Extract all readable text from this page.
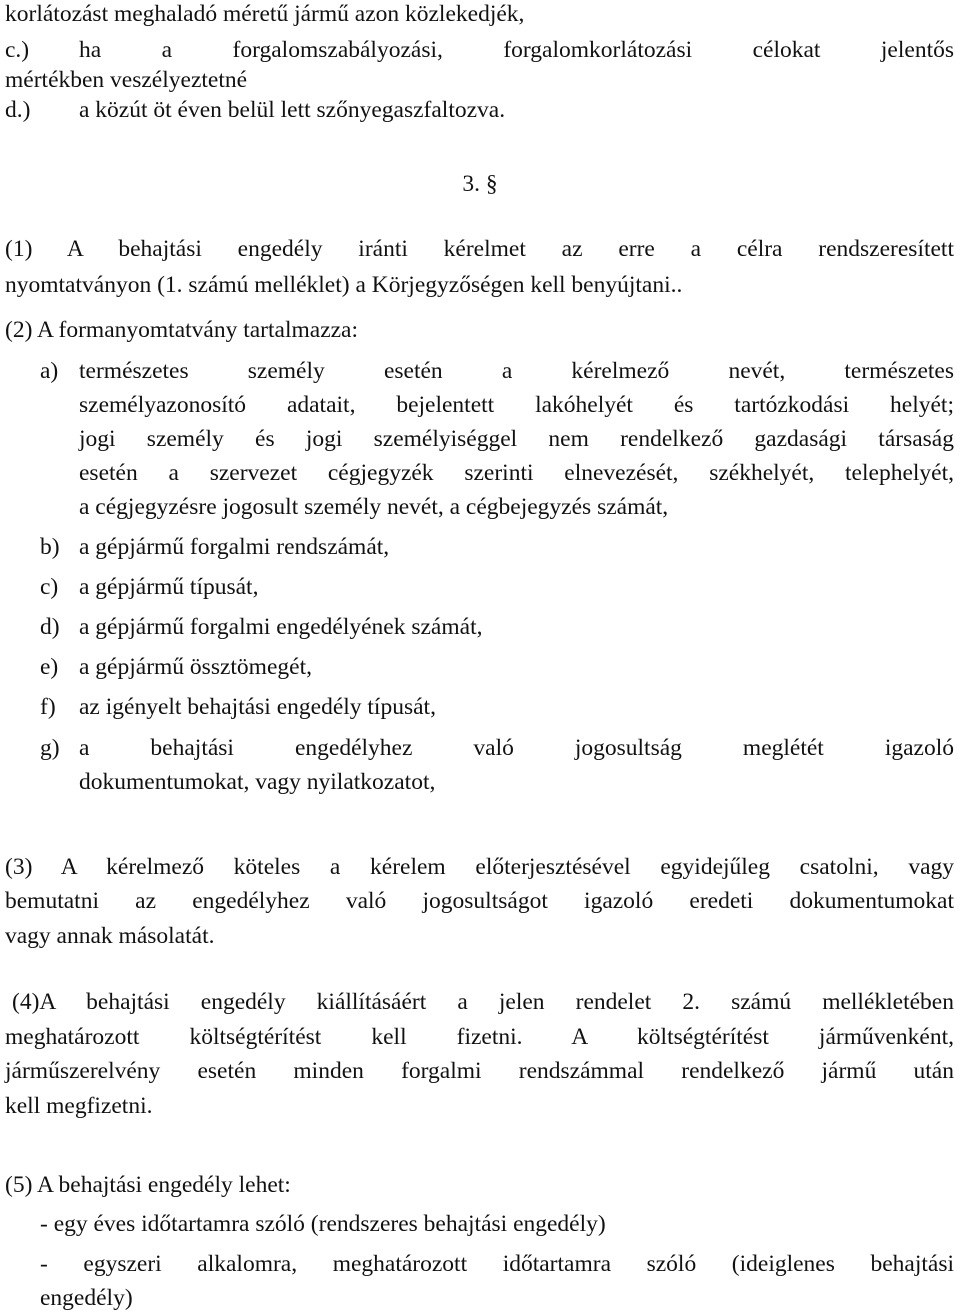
korlátozást meghaladó méretű jármű azon közlekedjék,
c.) ha a forgalomszabályozási, forgalomkorlátozási célokat jelentős
mértékben veszélyeztetné
d.) a közút öt éven belül lett szőnyegaszfaltozva.
3. §
(1) A behajtási engedély iránti kérelmet az erre a célra rendszeresített
nyomtatványon (1. számú melléklet) a Körjegyzőségen kell benyújtani..
(2) A formanyomtatvány tartalmazza:
a) természetes személy esetén a kérelmező nevét, természetes
személyazonosító adatait, bejelentett lakóhelyét és tartózkodási helyét;
jogi személy és jogi személyiséggel nem rendelkező gazdasági társaság
esetén a szervezet cégjegyzék szerinti elnevezését, székhelyét, telephelyét,
a cégjegyzésre jogosult személy nevét, a cégbejegyzés számát,
b) a gépjármű forgalmi rendszámát,
c) a gépjármű típusát,
d) a gépjármű forgalmi engedélyének számát,
e) a gépjármű össztömegét,
f) az igényelt behajtási engedély típusát,
g) a behajtási engedélyhez való jogosultság meglétét igazoló
dokumentumokat, vagy nyilatkozatot,
(3) A kérelmező köteles a kérelem előterjesztésével egyidejűleg csatolni, vagy
bemutatni az engedélyhez való jogosultságot igazoló eredeti dokumentumokat
vagy annak másolatát.
(4)A behajtási engedély kiállításáért a jelen rendelet 2. számú mellékletében
meghatározott költségtérítést kell fizetni. A költségtérítést járművenként,
járműszerelvény esetén minden forgalmi rendszámmal rendelkező jármű után
kell megfizetni.
(5) A behajtási engedély lehet:
- egy éves időtartamra szóló (rendszeres behajtási engedély)
- egyszeri alkalomra, meghatározott időtartamra szóló (ideiglenes behajtási
engedély)
